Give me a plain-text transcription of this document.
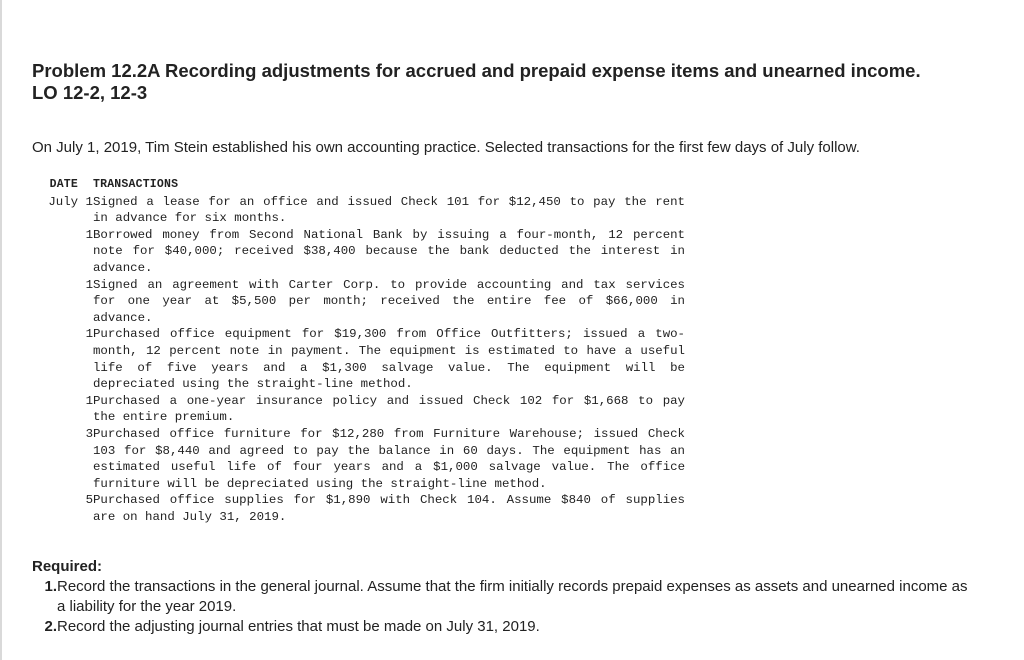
Problem 12.2A Recording adjustments for accrued and prepaid expense items and unearned income.
LO 12-2, 12-3

On July 1, 2019, Tim Stein established his own accounting practice. Selected transactions for the first few days of July follow.

DATE TRANSACTIONS
July 1 Signed a lease for an office and issued Check 101 for $12,450 to pay the rent in advance for six months.
1 Borrowed money from Second National Bank by issuing a four-month, 12 percent note for $40,000; received $38,400 because the bank deducted the interest in advance.
1 Signed an agreement with Carter Corp. to provide accounting and tax services for one year at $5,500 per month; received the entire fee of $66,000 in advance.
1 Purchased office equipment for $19,300 from Office Outfitters; issued a two-month, 12 percent note in payment. The equipment is estimated to have a useful life of five years and a $1,300 salvage value. The equipment will be depreciated using the straight-line method.
1 Purchased a one-year insurance policy and issued Check 102 for $1,668 to pay the entire premium.
3 Purchased office furniture for $12,280 from Furniture Warehouse; issued Check 103 for $8,440 and agreed to pay the balance in 60 days. The equipment has an estimated useful life of four years and a $1,000 salvage value. The office furniture will be depreciated using the straight-line method.
5 Purchased office supplies for $1,890 with Check 104. Assume $840 of supplies are on hand July 31, 2019.
Required:
1. Record the transactions in the general journal. Assume that the firm initially records prepaid expenses as assets and unearned income as a liability for the year 2019.
2. Record the adjusting journal entries that must be made on July 31, 2019.
